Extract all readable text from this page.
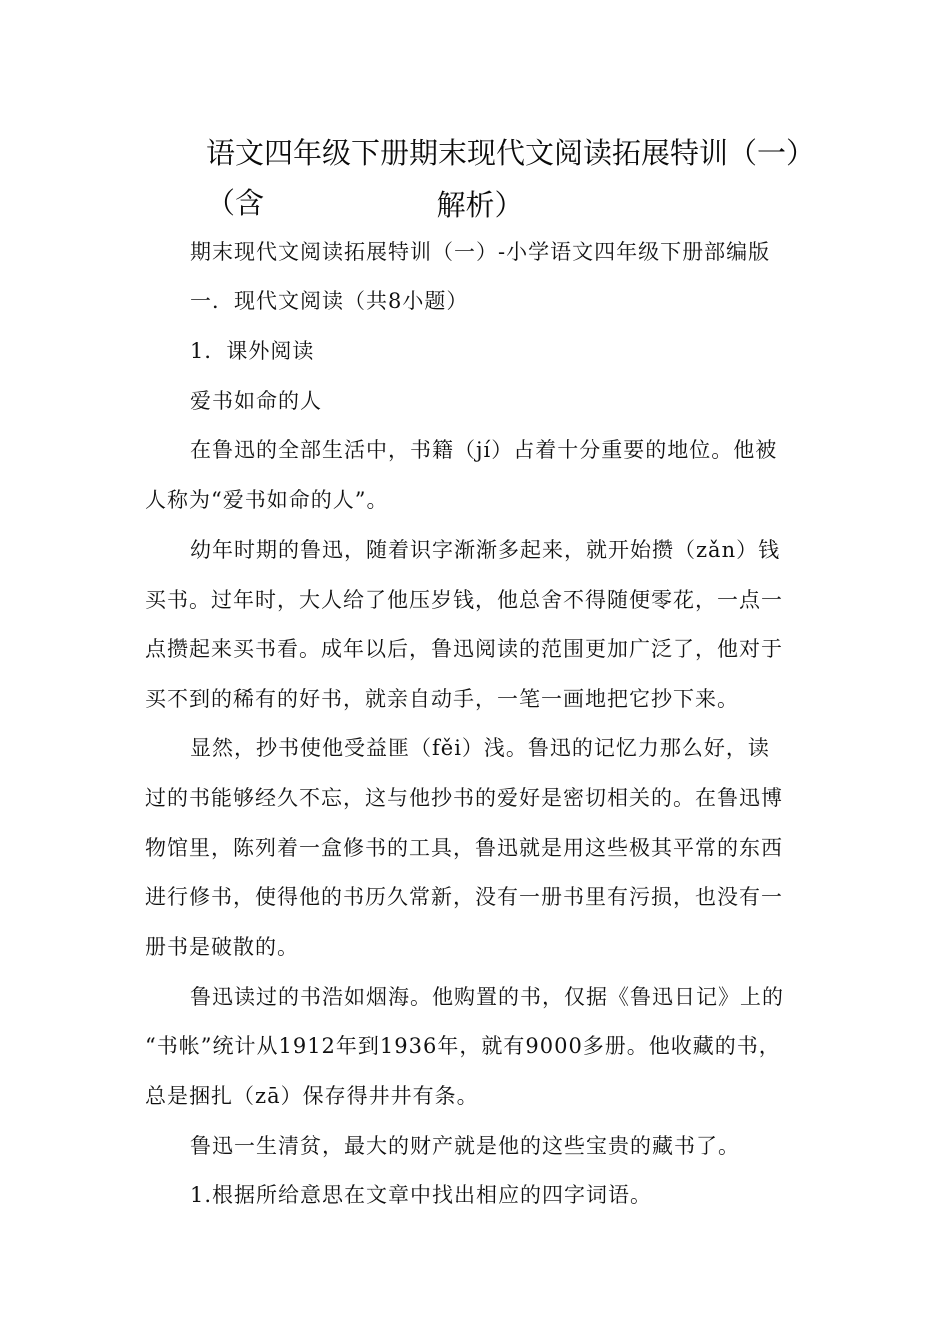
语文四年级下册期末现代文阅读拓展特训（一）（含	解析）
期末现代文阅读拓展特训（一）-小学语文四年级下册部编版
一．现代文阅读（共8小题）
1．课外阅读
爱书如命的人
在鲁迅的全部生活中，书籍（jí）占着十分重要的地位。他被
人称为“爱书如命的人”。
幼年时期的鲁迅，随着识字渐渐多起来，就开始攒（zǎn）钱
买书。过年时，大人给了他压岁钱，他总舍不得随便零花，一点一
点攒起来买书看。成年以后，鲁迅阅读的范围更加广泛了，他对于
买不到的稀有的好书，就亲自动手，一笔一画地把它抄下来。
显然，抄书使他受益匪（fěi）浅。鲁迅的记忆力那么好，读
过的书能够经久不忘，这与他抄书的爱好是密切相关的。在鲁迅博
物馆里，陈列着一盒修书的工具，鲁迅就是用这些极其平常的东西
进行修书，使得他的书历久常新，没有一册书里有污损，也没有一
册书是破散的。
鲁迅读过的书浩如烟海。他购置的书，仅据《鲁迅日记》上的
“书帐”统计从1912年到1936年，就有9000多册。他收藏的书，
总是捆扎（zā）保存得井井有条。
鲁迅一生清贫，最大的财产就是他的这些宝贵的藏书了。
1.根据所给意思在文章中找出相应的四字词语。
